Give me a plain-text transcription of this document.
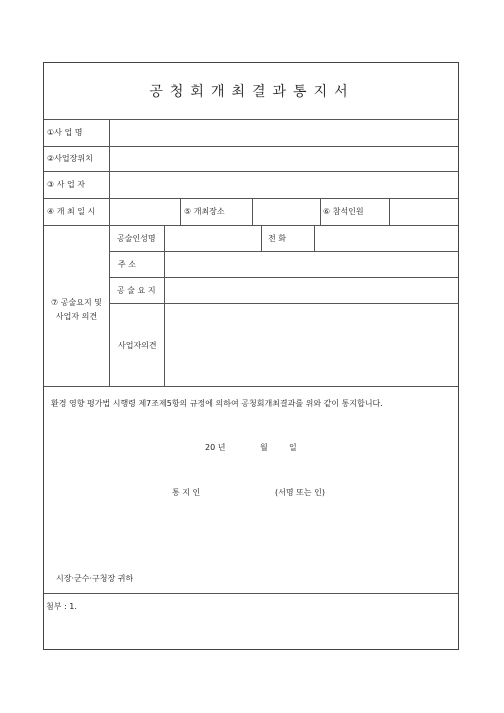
공청회개최결과통지서
①사 업 명
②사업장위치
③ 사 업 자
④ 개 최 일 시	⑤ 개최장소	⑥ 참석인원
⑦ 공술요지 및
사업자 의견
공술인성명	전 화
주 소
공 술 요 지
사업자의견
환경 영향 평가법 시행령 제7조제5항의 규정에 의하여 공청회개최결과를 위와 같이 통지합니다.
20 년	월	일
통 지 인	(서명 또는 인)
시장·군수·구청장 귀하
첨부 : 1.
